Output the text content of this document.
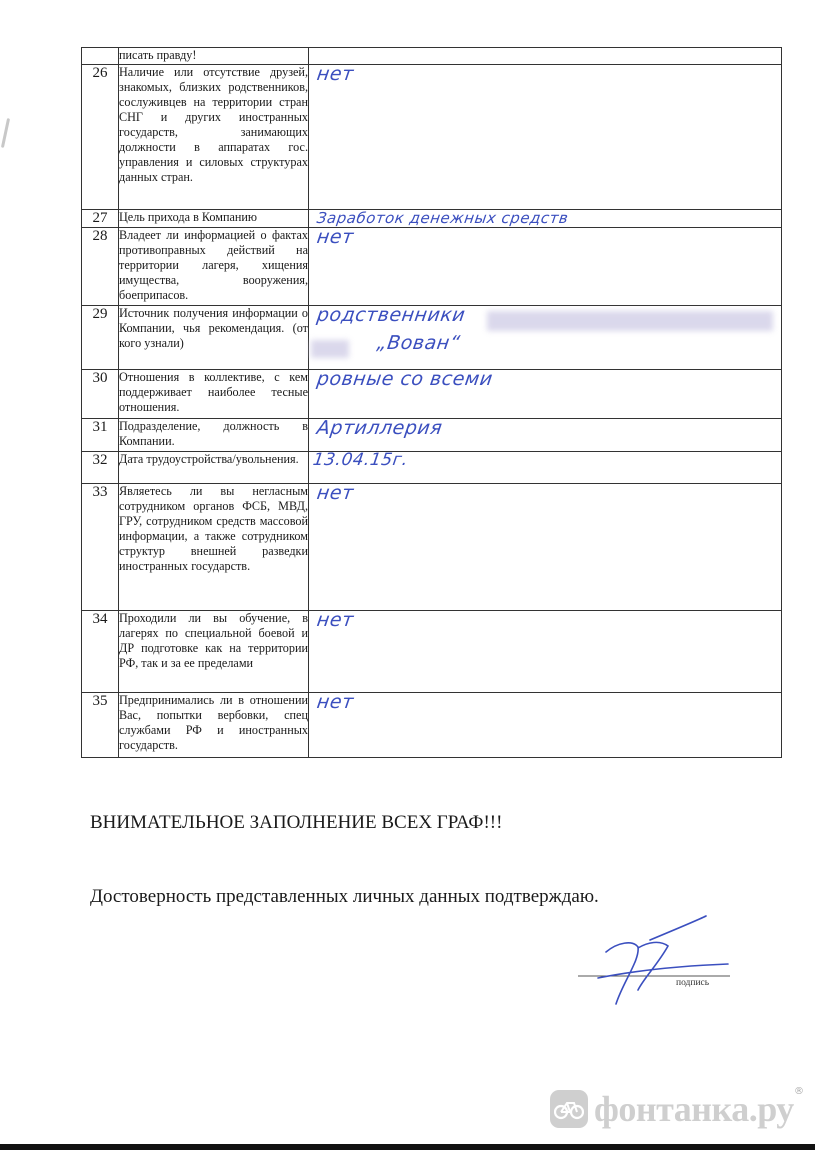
	писать правду!	
26	Наличие или отсутствие друзей, знакомых, близких родственников, сослуживцев на территории стран СНГ и других иностранных государств, занимающих должности в аппаратах гос. управления и силовых структурах данных стран.	нет

27	Цель прихода в Компанию	Заработок денежных средств

28	Владеет ли информацией о фактах противоправных действий на территории лагеря, хищения имущества, вооружения, боеприпасов.	нет

29	Источник получения информации о Компании, чья рекомендация. (от кого узнали)	родственники
„Вован“

30	Отношения в коллективе, с кем поддерживает наиболее тесные отношения.	ровные со всеми

31	Подразделение, должность в Компании.	Артиллерия

32	Дата трудоустройства/увольнения.	13.04.15г.

33	Являетесь ли вы негласным сотрудником органов ФСБ, МВД, ГРУ, сотрудником средств массовой информации, а также сотрудником структур внешней разведки иностранных государств.	нет

34	Проходили ли вы обучение, в лагерях по специальной боевой и ДР подготовке как на территории РФ, так и за ее пределами	нет

35	Предпринимались ли в отношении Вас, попытки вербовки, спец службами РФ и иностранных государств.	нет
ВНИМАТЕЛЬНОЕ ЗАПОЛНЕНИЕ ВСЕХ ГРАФ!!!
Достоверность представленных личных данных подтверждаю.
подпись
фонтанка.ру ®
